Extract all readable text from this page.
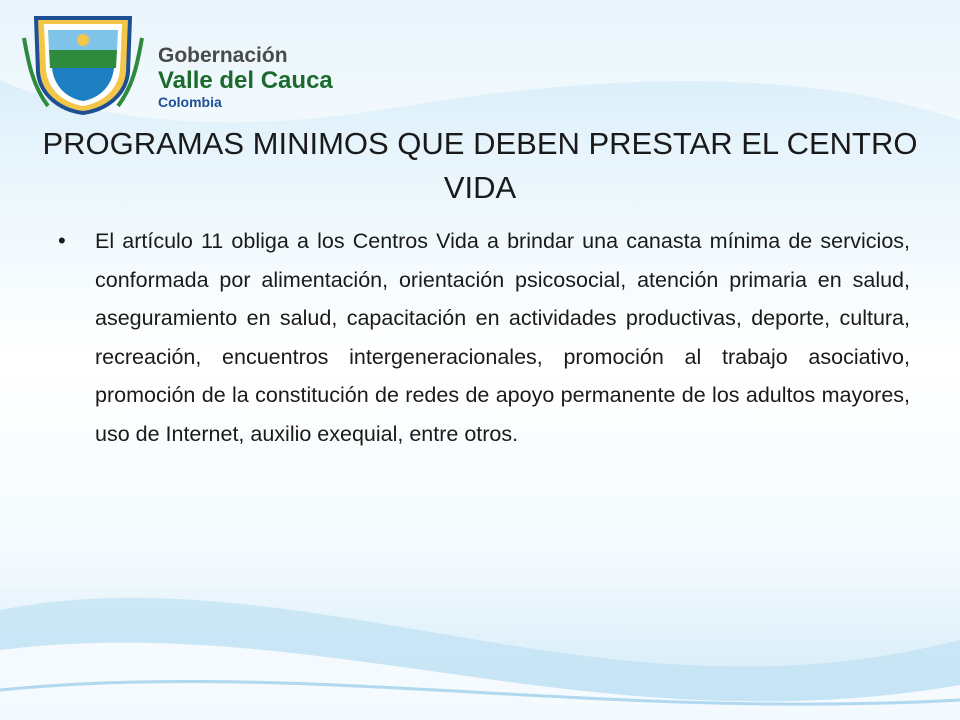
Gobernación
Valle del Cauca
Colombia
PROGRAMAS MINIMOS QUE DEBEN PRESTAR EL CENTRO VIDA
• El artículo 11 obliga a los Centros Vida a brindar una canasta mínima de servicios, conformada por alimentación, orientación psicosocial, atención primaria en salud, aseguramiento en salud, capacitación en actividades productivas, deporte, cultura, recreación, encuentros intergeneracionales, promoción al trabajo asociativo, promoción de la constitución de redes de apoyo permanente de los adultos mayores, uso de Internet, auxilio exequial, entre otros.
